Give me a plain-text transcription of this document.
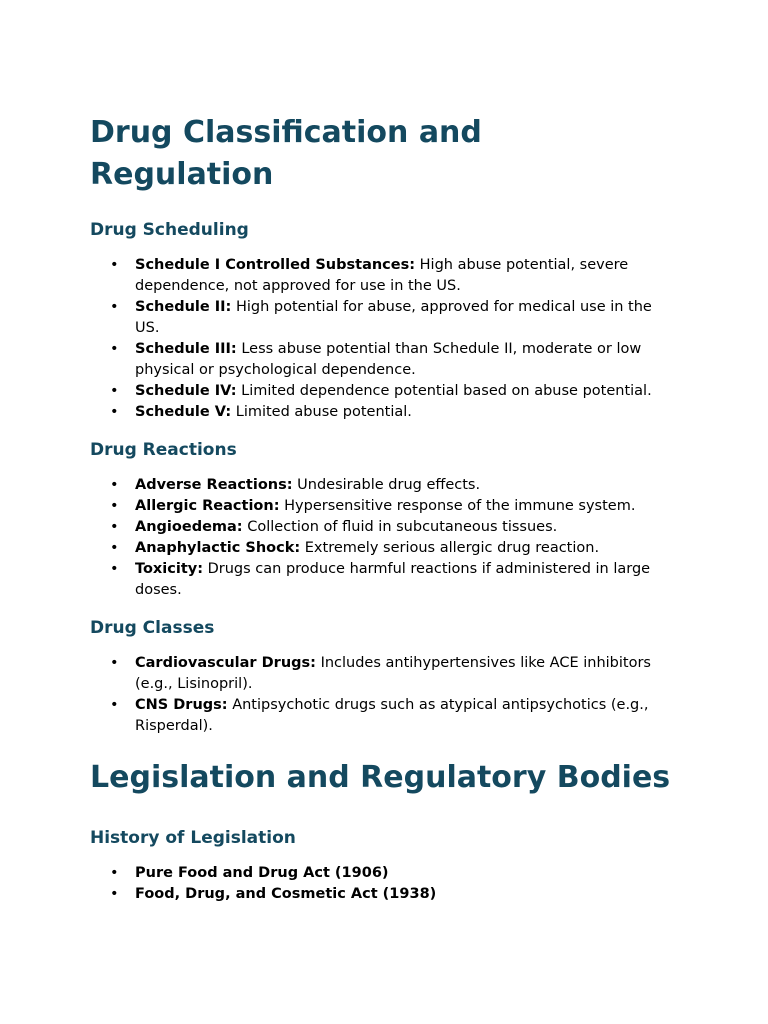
Drug Classification and Regulation
Drug Scheduling
• Schedule I Controlled Substances: High abuse potential, severe dependence, not approved for use in the US.
• Schedule II: High potential for abuse, approved for medical use in the US.
• Schedule III: Less abuse potential than Schedule II, moderate or low physical or psychological dependence.
• Schedule IV: Limited dependence potential based on abuse potential.
• Schedule V: Limited abuse potential.
Drug Reactions
• Adverse Reactions: Undesirable drug effects.
• Allergic Reaction: Hypersensitive response of the immune system.
• Angioedema: Collection of fluid in subcutaneous tissues.
• Anaphylactic Shock: Extremely serious allergic drug reaction.
• Toxicity: Drugs can produce harmful reactions if administered in large doses.
Drug Classes
• Cardiovascular Drugs: Includes antihypertensives like ACE inhibitors (e.g., Lisinopril).
• CNS Drugs: Antipsychotic drugs such as atypical antipsychotics (e.g., Risperdal).
Legislation and Regulatory Bodies
History of Legislation
• Pure Food and Drug Act (1906)
• Food, Drug, and Cosmetic Act (1938)
